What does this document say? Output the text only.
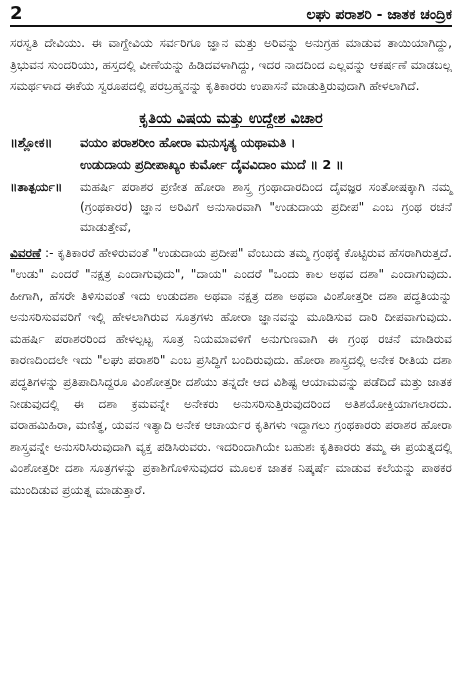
2	ಲಘು ಪರಾಶರಿ - ಜಾತಕ ಚಂದ್ರಿಕ

ಸರಸ್ವತಿ ದೇವಿಯು. ಈ ವಾಗ್ದೇವಿಯ ಸರ್ವರಿಗೂ ಜ್ಞಾನ ಮತ್ತು ಅರಿವನ್ನು ಅನುಗ್ರಹ ಮಾಡುವ ತಾಯಿಯಾಗಿದ್ದು, ತ್ರಿಭುವನ ಸುಂದರಿಯು, ಹಸ್ತದಲ್ಲಿ ವೀಣೆಯನ್ನು ಹಿಡಿದವಳಾಗಿದ್ದು, ಇದರ ನಾದದಿಂದ ಎಲ್ಲವನ್ನು ಆಕರ್ಷಣೆ ಮಾಡಬಲ್ಲ ಸಮರ್ಥಳಾದ ಈಕೆಯ ಸ್ವರೂಪದಲ್ಲಿ ಪರಬ್ರಹ್ಮನನ್ನು ಕೃತಿಕಾರರು ಉಪಾಸನೆ ಮಾಡುತ್ತಿರುವುದಾಗಿ ಹೇಳಲಾಗಿದೆ.

ಕೃತಿಯ ವಿಷಯ ಮತ್ತು ಉದ್ದೇಶ ವಿಚಾರ
॥ಶ್ಲೋಕ॥	ವಯಂ ಪರಾಶರೀಂ ಹೋರಾ ಮನುಸೃತ್ಯ ಯಥಾಮತಿ ।
ಉಡುದಾಯ ಪ್ರದೀಪಾಖ್ಯಂ ಕುರ್ಮೋ ದೈವವಿದಾಂ ಮುದೆ ॥ 2 ॥
॥ತಾತ್ಪರ್ಯ॥	ಮಹರ್ಷಿ ಪರಾಶರ ಪ್ರಣೀತ ಹೋರಾ ಶಾಸ್ತ್ರ ಗ್ರಂಥಾದಾರದಿಂದ ದೈವಜ್ಞರ ಸಂತೋಷಕ್ಕಾಗಿ ನಮ್ಮ (ಗ್ರಂಥಕಾರರ) ಜ್ಞಾನ ಅರಿವಿಗೆ ಅನುಸಾರವಾಗಿ "ಉಡುದಾಯ ಪ್ರದೀಪ" ಎಂಬ ಗ್ರಂಥ ರಚನೆ ಮಾಡುತ್ತೇವೆ,

ವಿವರಣೆ :- ಕೃತಿಕಾರರೆ ಹೇಳಿರುವಂತೆ "ಉಡುದಾಯ ಪ್ರದೀಪ" ವೆಂಬುದು ತಮ್ಮ ಗ್ರಂಥಕ್ಕೆ ಕೊಟ್ಟಿರುವ ಹೆಸರಾಗಿರುತ್ತದೆ. "ಉಡು" ಎಂದರೆ "ನಕ್ಷತ್ರ ಎಂದಾಗುವುದು", "ದಾಯ" ಎಂದರೆ "ಒಂದು ಕಾಲ ಅಥವ ದಶಾ" ಎಂದಾಗುವುದು. ಹೀಗಾಗಿ, ಹೆಸರೇ ತಿಳಿಸುವಂತೆ ಇದು ಉಡುದಶಾ ಅಥವಾ ನಕ್ಷತ್ರ ದಶಾ ಅಥವಾ ವಿಂಶೋತ್ತರೀ ದಶಾ ಪದ್ಧತಿಯನ್ನು ಅನುಸರಿಸುವವರಿಗೆ ಇಲ್ಲಿ ಹೇಳಲಾಗಿರುವ ಸೂತ್ರಗಳು ಹೋರಾ ಜ್ಞಾನವನ್ನು ಮೂಡಿಸುವ ದಾರಿ ದೀಪವಾಗುವುದು. ಮಹರ್ಷಿ ಪರಾಶರರಿಂದ ಹೇಳಲ್ಪಟ್ಟ ಸೂತ್ರ ನಿಯಮಾವಳಿಗೆ ಅನುಗುಣವಾಗಿ ಈ ಗ್ರಂಥ ರಚನೆ ಮಾಡಿರುವ ಕಾರಣದಿಂದಲೇ ಇದು "ಲಘು ಪರಾಶರಿ" ಎಂಬ ಪ್ರಸಿದ್ಧಿಗೆ ಬಂದಿರುವುದು. ಹೋರಾ ಶಾಸ್ತ್ರದಲ್ಲಿ ಅನೇಕ ರೀತಿಯ ದಶಾ ಪದ್ಧತಿಗಳನ್ನು ಪ್ರತಿಪಾದಿಸಿದ್ದರೂ ವಿಂಶೋತ್ತರೀ ದಶೆಯು ತನ್ನದೇ ಆದ ವಿಶಿಷ್ಟ ಆಯಾಮವನ್ನು ಪಡೆದಿದೆ ಮತ್ತು ಜಾತಕ ನೀಡುವುದಲ್ಲಿ ಈ ದಶಾ ಕ್ರಮವನ್ನೇ ಅನೇಕರು ಅನುಸರಿಸುತ್ತಿರುವುದರಿಂದ ಅತಿಶಯೋಕ್ತಿಯಾಗಲಾರದು. ವರಾಹಮಿಹಿರಾ, ಮಣಿತ್ಥ, ಯವನ ಇತ್ಯಾದಿ ಅನೇಕ ಆಚಾರ್ಯರ ಕೃತಿಗಳು ಇದ್ದಾಗಲು ಗ್ರಂಥಕಾರರು ಪರಾಶರ ಹೋರಾ ಶಾಸ್ತ್ರವನ್ನೇ ಅನುಸರಿಸಿರುವುದಾಗಿ ವ್ಯಕ್ತ ಪಡಿಸಿರುವರು. ಇದರಿಂದಾಗಿಯೇ ಬಹುಶಃ ಕೃತಿಕಾರರು ತಮ್ಮ ಈ ಪ್ರಯತ್ನದಲ್ಲಿ ವಿಂಶೋತ್ತರೀ ದಶಾ ಸೂತ್ರಗಳನ್ನು ಪ್ರಕಾಶಿಗೊಳಿಸುವುದರ ಮೂಲಕ ಜಾತಕ ನಿಷ್ಕರ್ಷೆ ಮಾಡುವ ಕಲೆಯನ್ನು ಪಾಠಕರ ಮುಂದಿಡುವ ಪ್ರಯತ್ನ ಮಾಡುತ್ತಾರೆ.
